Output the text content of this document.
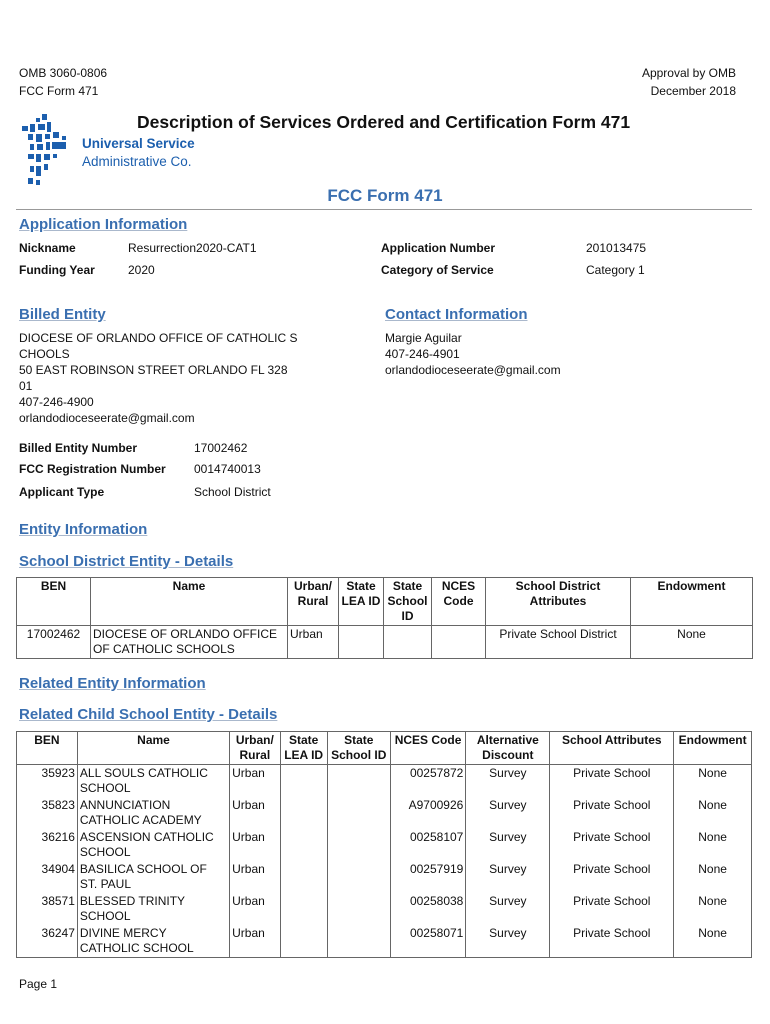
OMB 3060-0806
FCC Form 471
Approval by OMB
December 2018
Universal Service
Administrative Co.
Description of Services Ordered and Certification Form 471
FCC Form 471
Application Information
Nickname	Resurrection2020-CAT1	Application Number	201013475
Funding Year	2020	Category of Service	Category 1
Billed Entity
DIOCESE OF ORLANDO OFFICE OF CATHOLIC S
CHOOLS
50 EAST ROBINSON STREET ORLANDO FL 328
01
407-246-4900
orlandodioceseerate@gmail.com
Contact Information
Margie Aguilar
407-246-4901
orlandodioceseerate@gmail.com
Billed Entity Number	17002462
FCC Registration Number 0014740013
Applicant Type	School District
Entity Information
School District Entity - Details
BEN	Name	Urban/ Rural	State LEA ID	State School ID	NCES Code	School District Attributes	Endowment
17002462	DIOCESE OF ORLANDO OFFICE OF CATHOLIC SCHOOLS	Urban				Private School District	None
Related Entity Information
Related Child School Entity - Details
BEN	Name	Urban/ Rural	State LEA ID	State School ID	NCES Code	Alternative Discount	School Attributes	Endowment
35923	ALL SOULS CATHOLIC SCHOOL	Urban			00257872	Survey	Private School	None
35823	ANNUNCIATION CATHOLIC ACADEMY	Urban			A9700926	Survey	Private School	None
36216	ASCENSION CATHOLIC SCHOOL	Urban			00258107	Survey	Private School	None
34904	BASILICA SCHOOL OF ST. PAUL	Urban			00257919	Survey	Private School	None
38571	BLESSED TRINITY SCHOOL	Urban			00258038	Survey	Private School	None
36247	DIVINE MERCY CATHOLIC SCHOOL	Urban			00258071	Survey	Private School	None
Page 1
